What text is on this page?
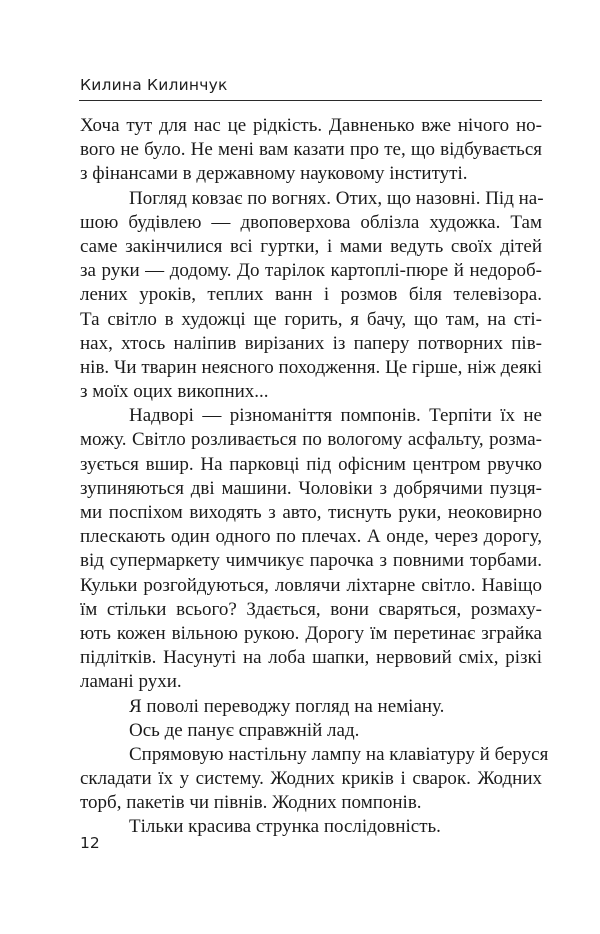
Килина Килинчук
Хоча тут для нас це рідкість. Давненько вже нічого но-
вого не було. Не мені вам казати про те, що відбувається
з фінансами в державному науковому інституті.
Погляд ковзає по вогнях. Отих, що назовні. Під на-
шою будівлею — двоповерхова облізла художка. Там
саме закінчилися всі гуртки, і мами ведуть своїх дітей
за руки — додому. До тарілок картоплі-пюре й недороб-
лених уроків, теплих ванн і розмов біля телевізора.
Та світло в художці ще горить, я бачу, що там, на сті-
нах, хтось наліпив вирізаних із паперу потворних пів-
нів. Чи тварин неясного походження. Це гірше, ніж деякі
з моїх оцих викопних...
Надворі — різноманіття помпонів. Терпіти їх не
можу. Світло розливається по вологому асфальту, розма-
зується вшир. На парковці під офісним центром рвучко
зупиняються дві машини. Чоловіки з добрячими пузця-
ми поспіхом виходять з авто, тиснуть руки, неоковирно
плескають один одного по плечах. А онде, через дорогу,
від супермаркету чимчикує парочка з повними торбами.
Кульки розгойдуються, ловлячи ліхтарне світло. Навіщо
їм стільки всього? Здається, вони сваряться, розмаху-
ють кожен вільною рукою. Дорогу їм перетинає зграйка
підлітків. Насунуті на лоба шапки, нервовий сміх, різкі
ламані рухи.
Я поволі переводжу погляд на неміану.
Ось де панує справжній лад.
Спрямовую настільну лампу на клавіатуру й беруся
складати їх у систему. Жодних криків і сварок. Жодних
торб, пакетів чи півнів. Жодних помпонів.
Тільки красива струнка послідовність.
12
